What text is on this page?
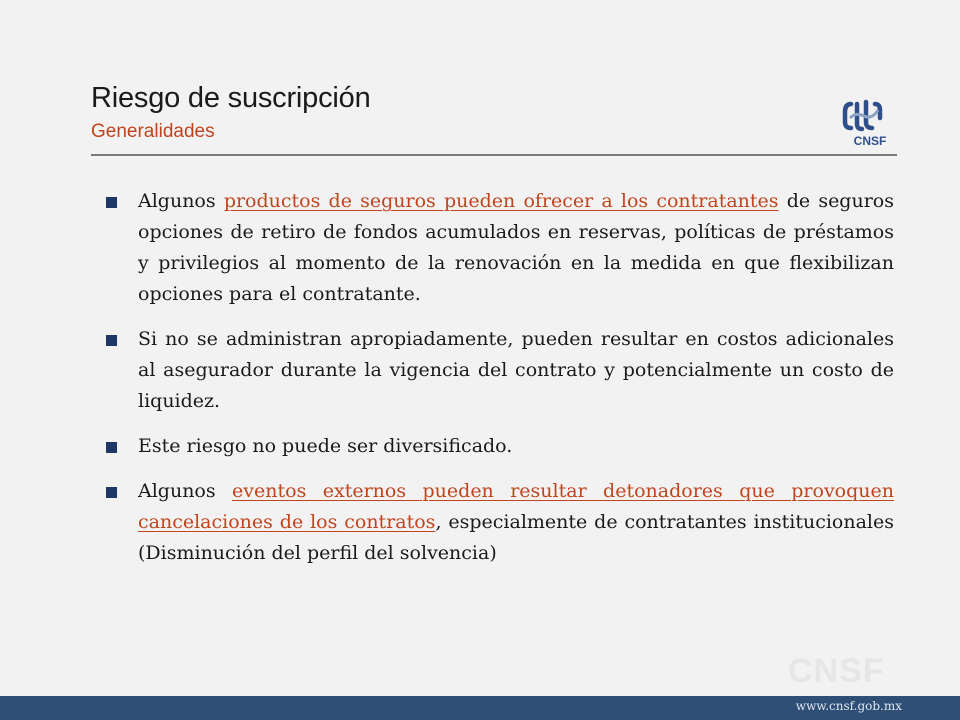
Riesgo de suscripción
Generalidades	CNSF
Algunos productos de seguros pueden ofrecer a los contratantes de seguros opciones de retiro de fondos acumulados en reservas, políticas de préstamos y privilegios al momento de la renovación en la medida en que flexibilizan opciones para el contratante.
Si no se administran apropiadamente, pueden resultar en costos adicionales al asegurador durante la vigencia del contrato y potencialmente un costo de liquidez.
Este riesgo no puede ser diversificado.
Algunos eventos externos pueden resultar detonadores que provoquen cancelaciones de los contratos, especialmente de contratantes institucionales (Disminución del perfil del solvencia)
CNSF
www.cnsf.gob.mx
